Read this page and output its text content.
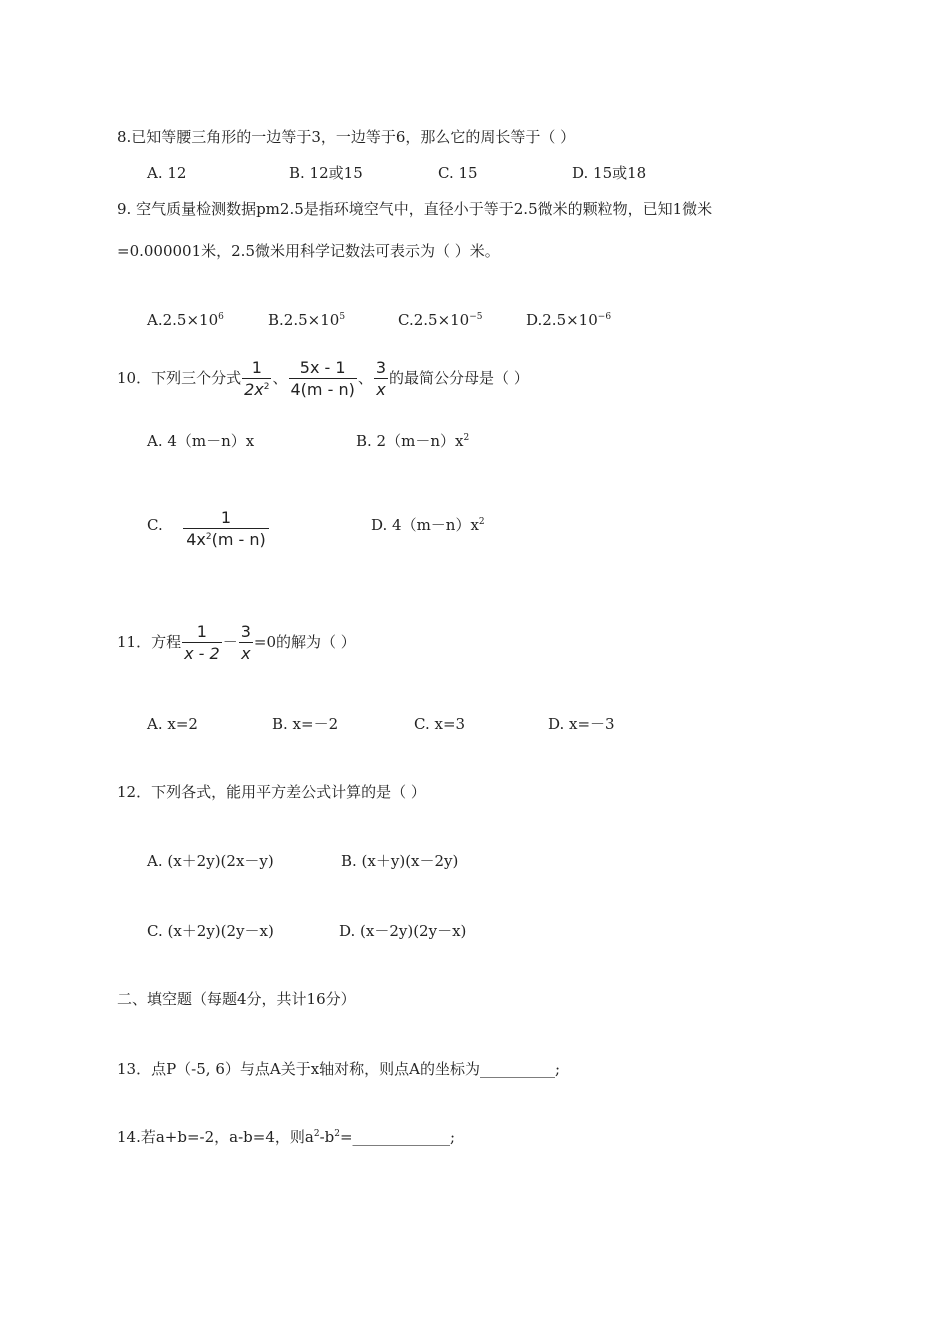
8.已知等腰三角形的一边等于3，一边等于6，那么它的周长等于（ ）
A. 12	B. 12或15	C. 15	D. 15或18
9. 空气质量检测数据pm2.5是指环境空气中，直径小于等于2.5微米的颗粒物，已知1微米
=0.000001米，2.5微米用科学记数法可表示为（ ）米。
$A.2.5\times 10^6$	$B.2.5\times 10^5$	$C.2.5\times 10^{-5}$	$D.2.5\times 10^{-6}$
10．下列三个分式 $\frac{1}{2x^2}$ 、 $\frac{5x - 1}{4(m - n)}$ 、 $\frac{3}{x}$ 的最简公分母是（ ）
A. 4（m－n）x	B. $2(m-n)x^2$
C. $\frac{1}{4x^2(m - n)}$	D. $4(m-n)x^2$
11．方程 $\frac{1}{x - 2} - \frac{3}{x} =0$的解为（ ）
A. x=2	B. x=－2	C. x=3	D. x=－3
12．下列各式，能用平方差公式计算的是（ ）
A. (x＋2y)(2x－y)	B. (x＋y)(x－2y)
C. (x＋2y)(2y－x)	D. (x－2y)(2y－x)
二、填空题（每题4分，共计16分）
13．点P（-5, 6）与点A关于x轴对称，则点A的坐标为__________;
14.若a+b=-2，a-b=4，则$a^2-b^2=\_\_\_\_\_\_\_\_\_\_\_\_\_$;
